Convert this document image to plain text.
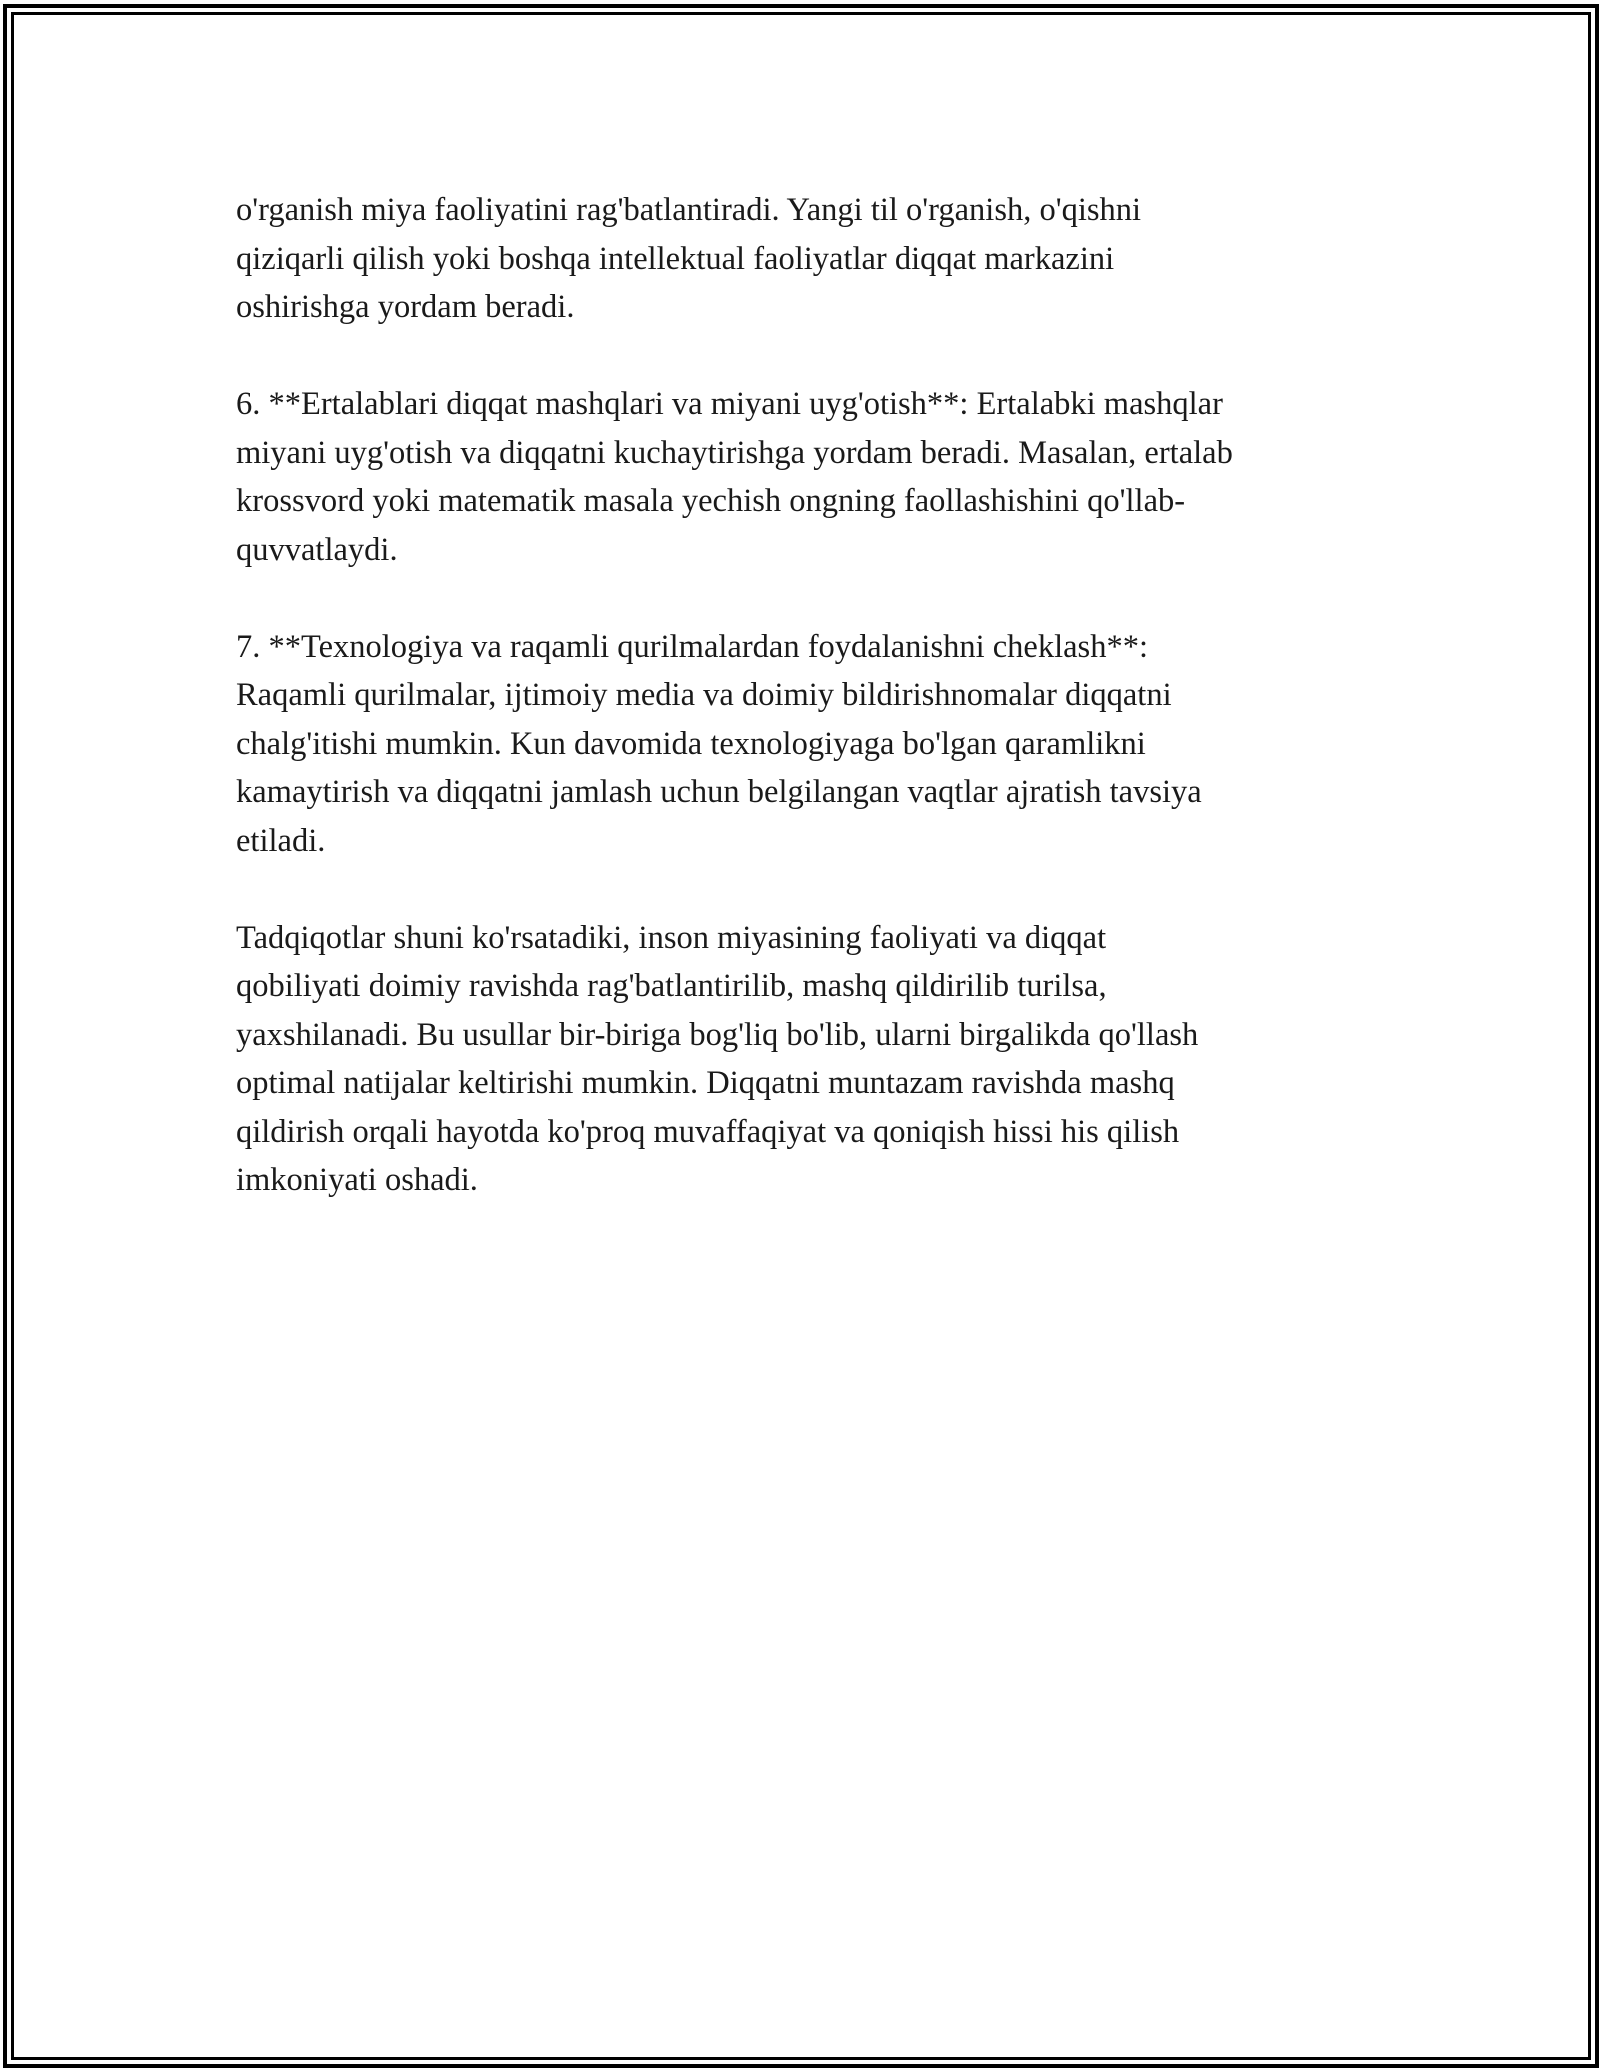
o'rganish miya faoliyatini rag'batlantiradi. Yangi til o'rganish, o'qishni
qiziqarli qilish yoki boshqa intellektual faoliyatlar diqqat markazini
oshirishga yordam beradi.

6. **Ertalablari diqqat mashqlari va miyani uyg'otish**: Ertalabki mashqlar
miyani uyg'otish va diqqatni kuchaytirishga yordam beradi. Masalan, ertalab
krossvord yoki matematik masala yechish ongning faollashishini qo'llab-
quvvatlaydi.

7. **Texnologiya va raqamli qurilmalardan foydalanishni cheklash**:
Raqamli qurilmalar, ijtimoiy media va doimiy bildirishnomalar diqqatni
chalg'itishi mumkin. Kun davomida texnologiyaga bo'lgan qaramlikni
kamaytirish va diqqatni jamlash uchun belgilangan vaqtlar ajratish tavsiya
etiladi.

Tadqiqotlar shuni ko'rsatadiki, inson miyasining faoliyati va diqqat
qobiliyati doimiy ravishda rag'batlantirilib, mashq qildirilib turilsa,
yaxshilanadi. Bu usullar bir-biriga bog'liq bo'lib, ularni birgalikda qo'llash
optimal natijalar keltirishi mumkin. Diqqatni muntazam ravishda mashq
qildirish orqali hayotda ko'proq muvaffaqiyat va qoniqish hissi his qilish
imkoniyati oshadi.
